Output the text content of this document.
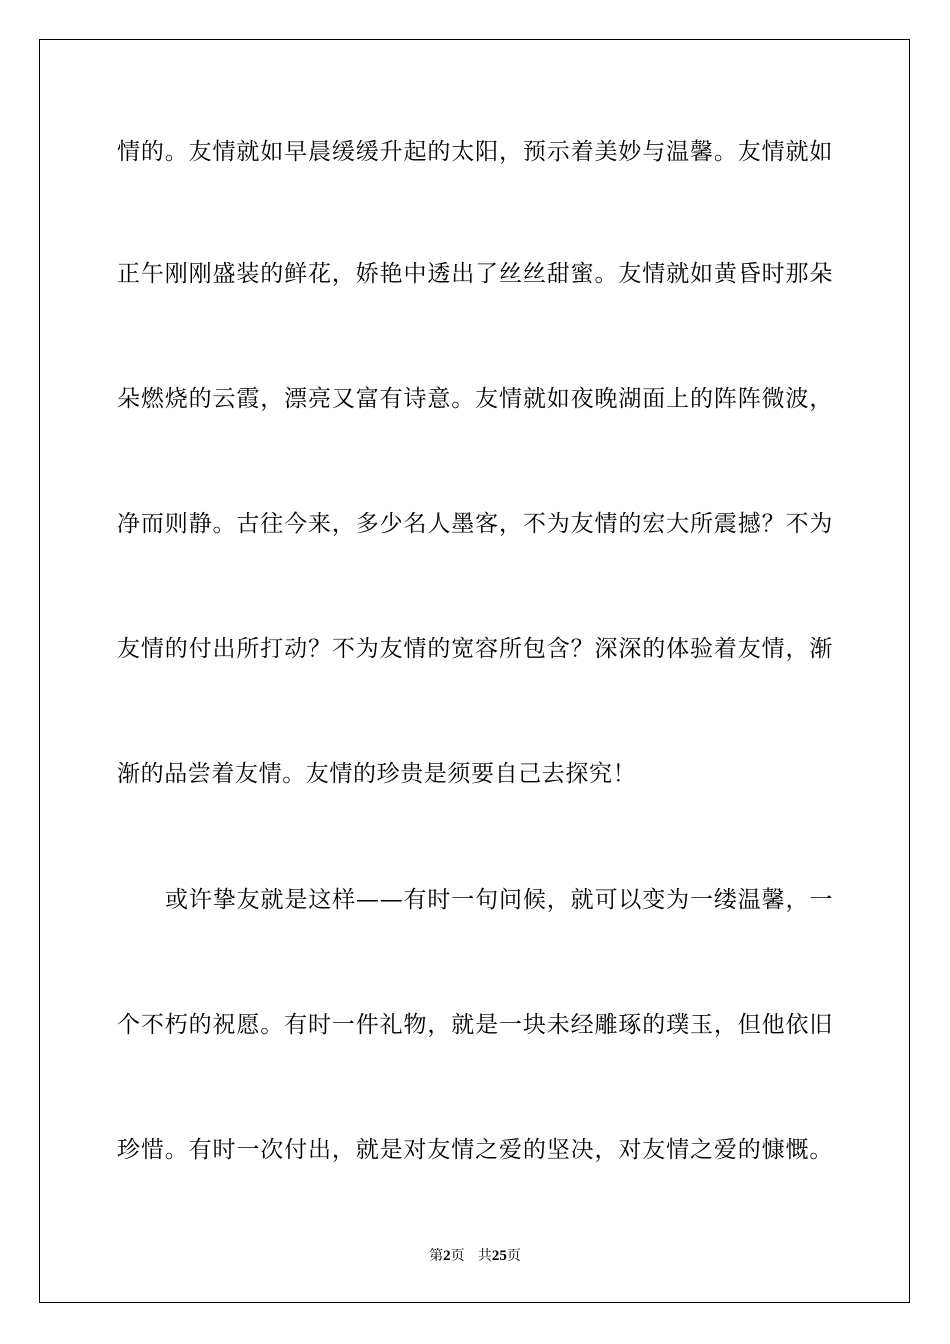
情的。友情就如早晨缓缓升起的太阳，预示着美妙与温馨。友情就如
正午刚刚盛装的鲜花，娇艳中透出了丝丝甜蜜。友情就如黄昏时那朵
朵燃烧的云霞，漂亮又富有诗意。友情就如夜晚湖面上的阵阵微波，
净而则静。古往今来，多少名人墨客，不为友情的宏大所震撼？不为
友情的付出所打动？不为友情的宽容所包含？深深的体验着友情，渐
渐的品尝着友情。友情的珍贵是须要自己去探究！
或许挚友就是这样——有时一句问候，就可以变为一缕温馨，一
个不朽的祝愿。有时一件礼物，就是一块未经雕琢的璞玉，但他依旧
珍惜。有时一次付出，就是对友情之爱的坚决，对友情之爱的慷慨。
第2页 共25页
